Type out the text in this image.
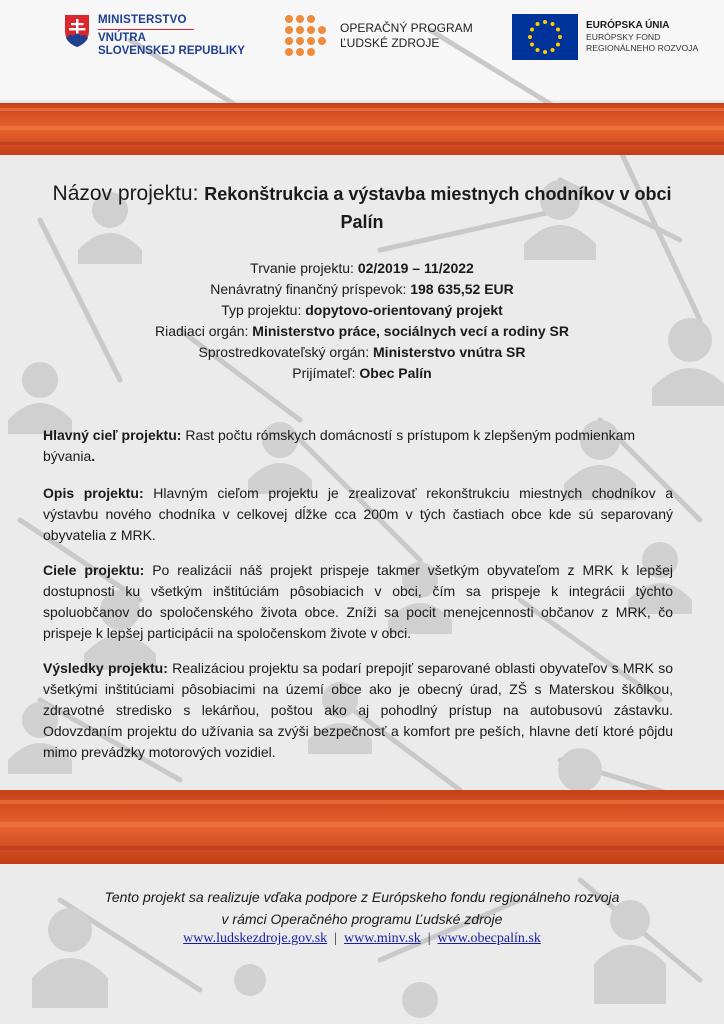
MINISTERSTVO
VNÚTRA
SLOVENSKEJ REPUBLIKY
OPERAČNÝ PROGRAM
ĽUDSKÉ ZDROJE
EURÓPSKA ÚNIA
EURÓPSKY FOND
REGIONÁLNEHO ROZVOJA
Názov projektu: Rekonštrukcia a výstavba miestnych chodníkov v obci Palín
Trvanie projektu: 02/2019 – 11/2022
Nenávratný finančný príspevok: 198 635,52 EUR
Typ projektu: dopytovo-orientovaný projekt
Riadiaci orgán: Ministerstvo práce, sociálnych vecí a rodiny SR
Sprostredkovateľský orgán: Ministerstvo vnútra SR
Prijímateľ: Obec Palín
Hlavný cieľ projektu: Rast počtu rómskych domácností s prístupom k zlepšeným podmienkam bývania.
Opis projektu: Hlavným cieľom projektu je zrealizovať rekonštrukciu miestnych chodníkov a výstavbu nového chodníka v celkovej dĺžke cca 200m v tých častiach obce kde sú separovaný obyvatelia z MRK.
Ciele projektu: Po realizácii náš projekt prispeje takmer všetkým obyvateľom z MRK k lepšej dostupnosti ku všetkým inštitúciám pôsobiacich v obci, čím sa prispeje k integrácii týchto spoluobčanov do spoločenského života obce. Zníži sa pocit menejcennosti občanov z MRK, čo prispeje k lepšej participácii na spoločenskom živote v obci.
Výsledky projektu: Realizáciou projektu sa podarí prepojiť separované oblasti obyvateľov s MRK so všetkými inštitúciami pôsobiacimi na území obce ako je obecný úrad, ZŠ s Materskou škôlkou, zdravotné stredisko s lekárňou, poštou ako aj pohodlný prístup na autobusovú zástavku. Odovzdaním projektu do užívania sa zvýši bezpečnosť a komfort pre peších, hlavne detí ktoré pôjdu mimo prevádzky motorových vozidiel.
Tento projekt sa realizuje vďaka podpore z Európskeho fondu regionálneho rozvoja
v rámci Operačného programu Ľudské zdroje
www.ludskezdroje.gov.sk | www.minv.sk | www.obecpalín.sk
